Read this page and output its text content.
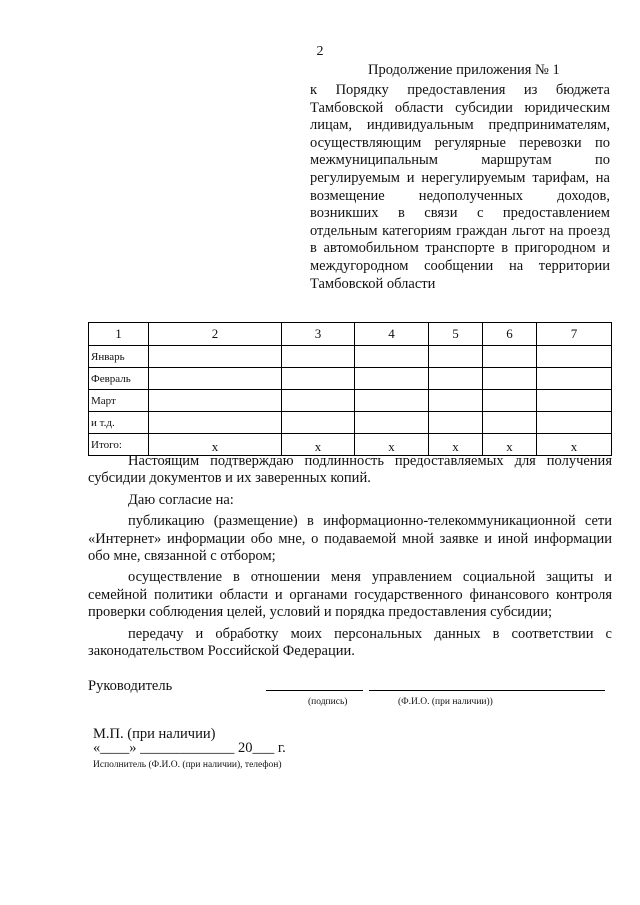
2
Продолжение приложения № 1
к Порядку предоставления из бюджета Тамбовской области субсидии юридическим лицам, индивидуальным предпринимателям, осуществляющим регулярные перевозки по межмуниципальным маршрутам по регулируемым и нерегулируемым тарифам, на возмещение недополученных доходов, возникших в связи с предоставлением отдельным категориям граждан льгот на проезд в автомобильном транспорте в пригородном и междугородном сообщении на территории Тамбовской области
1	2	3	4	5	6	7
Январь						
Февраль						
Март						
и т.д.						
Итого:	x	x	x	x	x	x

Настоящим подтверждаю подлинность предоставляемых для получения субсидии документов и их заверенных копий.

Даю согласие на:

публикацию (размещение) в информационно-телекоммуникационной сети «Интернет» информации обо мне, о подаваемой мной заявке и иной информации обо мне, связанной с отбором;

осуществление в отношении меня управлением социальной защиты и семейной политики области и органами государственного финансового контроля проверки соблюдения целей, условий и порядка предоставления субсидии;

передачу и обработку моих персональных данных в соответствии с законодательством Российской Федерации.

Руководитель
(подпись)	(Ф.И.О. (при наличии))
М.П. (при наличии)
«____» _____________ 20___ г.
Исполнитель (Ф.И.О. (при наличии), телефон)
